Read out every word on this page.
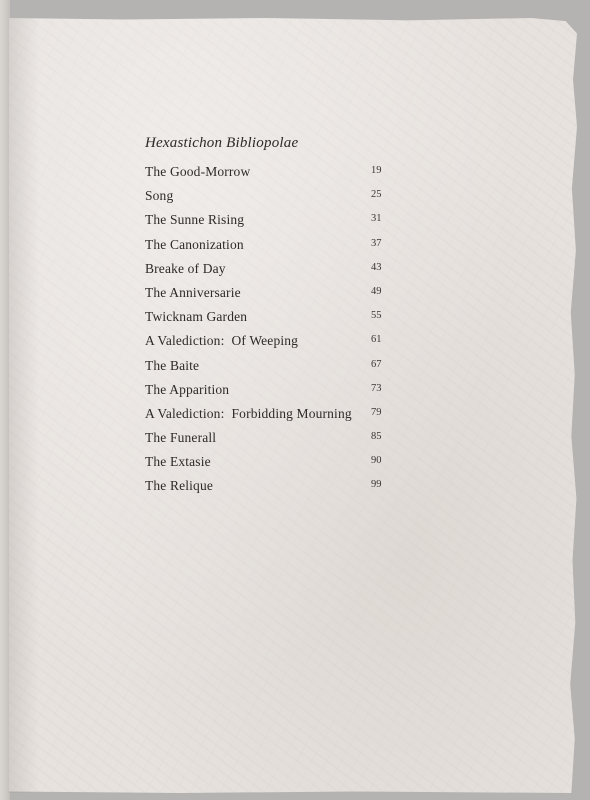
Hexastichon Bibliopolae
The Good-Morrow	19
Song	25
The Sunne Rising	31
The Canonization	37
Breake of Day	43
The Anniversarie	49
Twicknam Garden	55
A Valediction:  Of Weeping	61
The Baite	67
The Apparition	73
A Valediction:  Forbidding Mourning 79
The Funerall	85
The Extasie	90
The Relique	99
